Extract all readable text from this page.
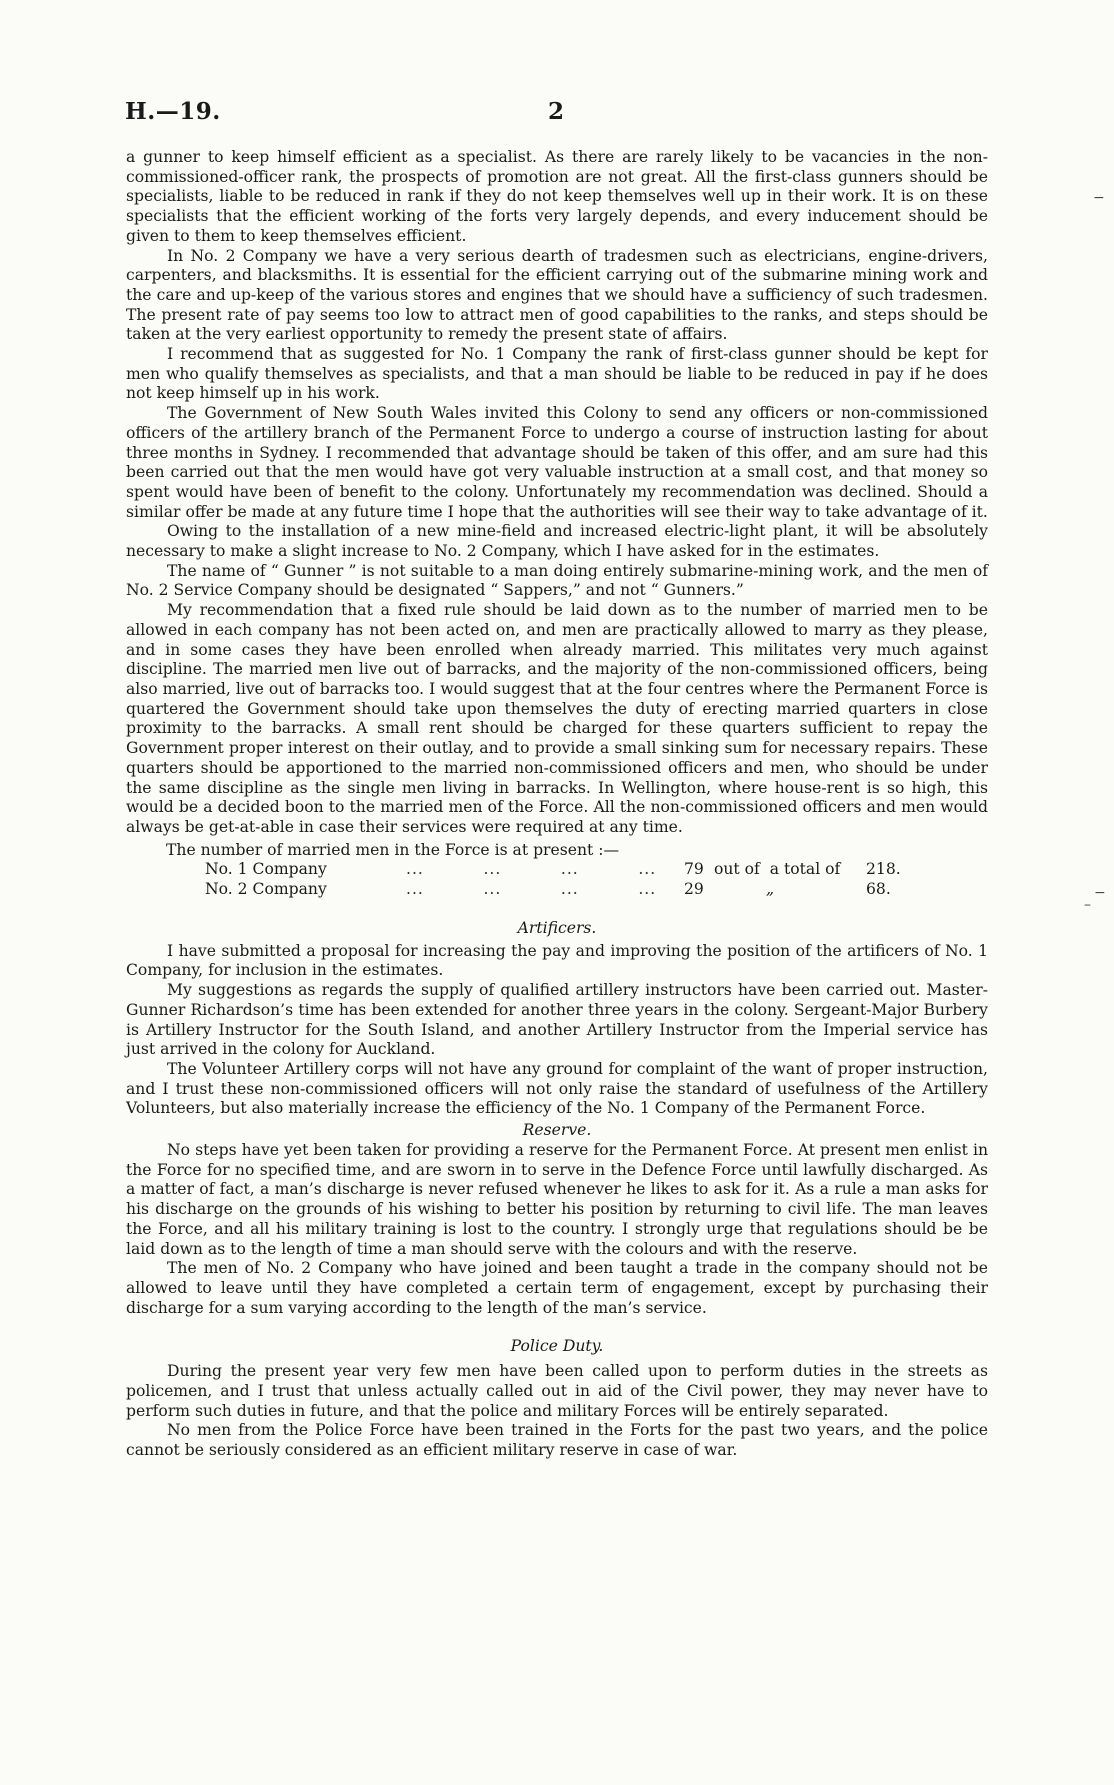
H.—19.	2

a gunner to keep himself efficient as a specialist. As there are rarely likely to be vacancies in the non-commissioned-officer rank, the prospects of promotion are not great. All the first-class gunners should be specialists, liable to be reduced in rank if they do not keep themselves well up in their work. It is on these specialists that the efficient working of the forts very largely depends, and every inducement should be given to them to keep themselves efficient.

In No. 2 Company we have a very serious dearth of tradesmen such as electricians, engine-drivers, carpenters, and blacksmiths. It is essential for the efficient carrying out of the submarine mining work and the care and up-keep of the various stores and engines that we should have a sufficiency of such tradesmen. The present rate of pay seems too low to attract men of good capabilities to the ranks, and steps should be taken at the very earliest opportunity to remedy the present state of affairs.

I recommend that as suggested for No. 1 Company the rank of first-class gunner should be kept for men who qualify themselves as specialists, and that a man should be liable to be reduced in pay if he does not keep himself up in his work.

The Government of New South Wales invited this Colony to send any officers or non-commissioned officers of the artillery branch of the Permanent Force to undergo a course of instruction lasting for about three months in Sydney. I recommended that advantage should be taken of this offer, and am sure had this been carried out that the men would have got very valuable instruction at a small cost, and that money so spent would have been of benefit to the colony. Unfortunately my recommendation was declined. Should a similar offer be made at any future time I hope that the authorities will see their way to take advantage of it.

Owing to the installation of a new mine-field and increased electric-light plant, it will be absolutely necessary to make a slight increase to No. 2 Company, which I have asked for in the estimates.

The name of “ Gunner ” is not suitable to a man doing entirely submarine-mining work, and the men of No. 2 Service Company should be designated “ Sappers,” and not “ Gunners.”

My recommendation that a fixed rule should be laid down as to the number of married men to be allowed in each company has not been acted on, and men are practically allowed to marry as they please, and in some cases they have been enrolled when already married. This militates very much against discipline. The married men live out of barracks, and the majority of the non-commissioned officers, being also married, live out of barracks too. I would suggest that at the four centres where the Permanent Force is quartered the Government should take upon themselves the duty of erecting married quarters in close proximity to the barracks. A small rent should be charged for these quarters sufficient to repay the Government proper interest on their outlay, and to provide a small sinking sum for necessary repairs. These quarters should be apportioned to the married non-commissioned officers and men, who should be under the same discipline as the single men living in barracks. In Wellington, where house-rent is so high, this would be a decided boon to the married men of the Force. All the non-commissioned officers and men would always be get-at-able in case their services were required at any time.

The number of married men in the Force is at present :—

No. 1 Company	...          ...          ...          ... 79 out of  a total of 218.
No. 2 Company	...          ...          ...          ... 29	„	68.
Artificers.

I have submitted a proposal for increasing the pay and improving the position of the artificers of No. 1 Company, for inclusion in the estimates.

My suggestions as regards the supply of qualified artillery instructors have been carried out. Master-Gunner Richardson’s time has been extended for another three years in the colony. Sergeant-Major Burbery is Artillery Instructor for the South Island, and another Artillery Instructor from the Imperial service has just arrived in the colony for Auckland.

The Volunteer Artillery corps will not have any ground for complaint of the want of proper instruction, and I trust these non-commissioned officers will not only raise the standard of usefulness of the Artillery Volunteers, but also materially increase the efficiency of the No. 1 Company of the Permanent Force.

Reserve.

No steps have yet been taken for providing a reserve for the Permanent Force. At present men enlist in the Force for no specified time, and are sworn in to serve in the Defence Force until lawfully discharged. As a matter of fact, a man’s discharge is never refused whenever he likes to ask for it. As a rule a man asks for his discharge on the grounds of his wishing to better his position by returning to civil life. The man leaves the Force, and all his military training is lost to the country. I strongly urge that regulations should be be laid down as to the length of time a man should serve with the colours and with the reserve.

The men of No. 2 Company who have joined and been taught a trade in the company should not be allowed to leave until they have completed a certain term of engagement, except by purchasing their discharge for a sum varying according to the length of the man’s service.

Police Duty.

During the present year very few men have been called upon to perform duties in the streets as policemen, and I trust that unless actually called out in aid of the Civil power, they may never have to perform such duties in future, and that the police and military Forces will be entirely separated.

No men from the Police Force have been trained in the Forts for the past two years, and the police cannot be seriously considered as an efficient military reserve in case of war.

−
−
–
